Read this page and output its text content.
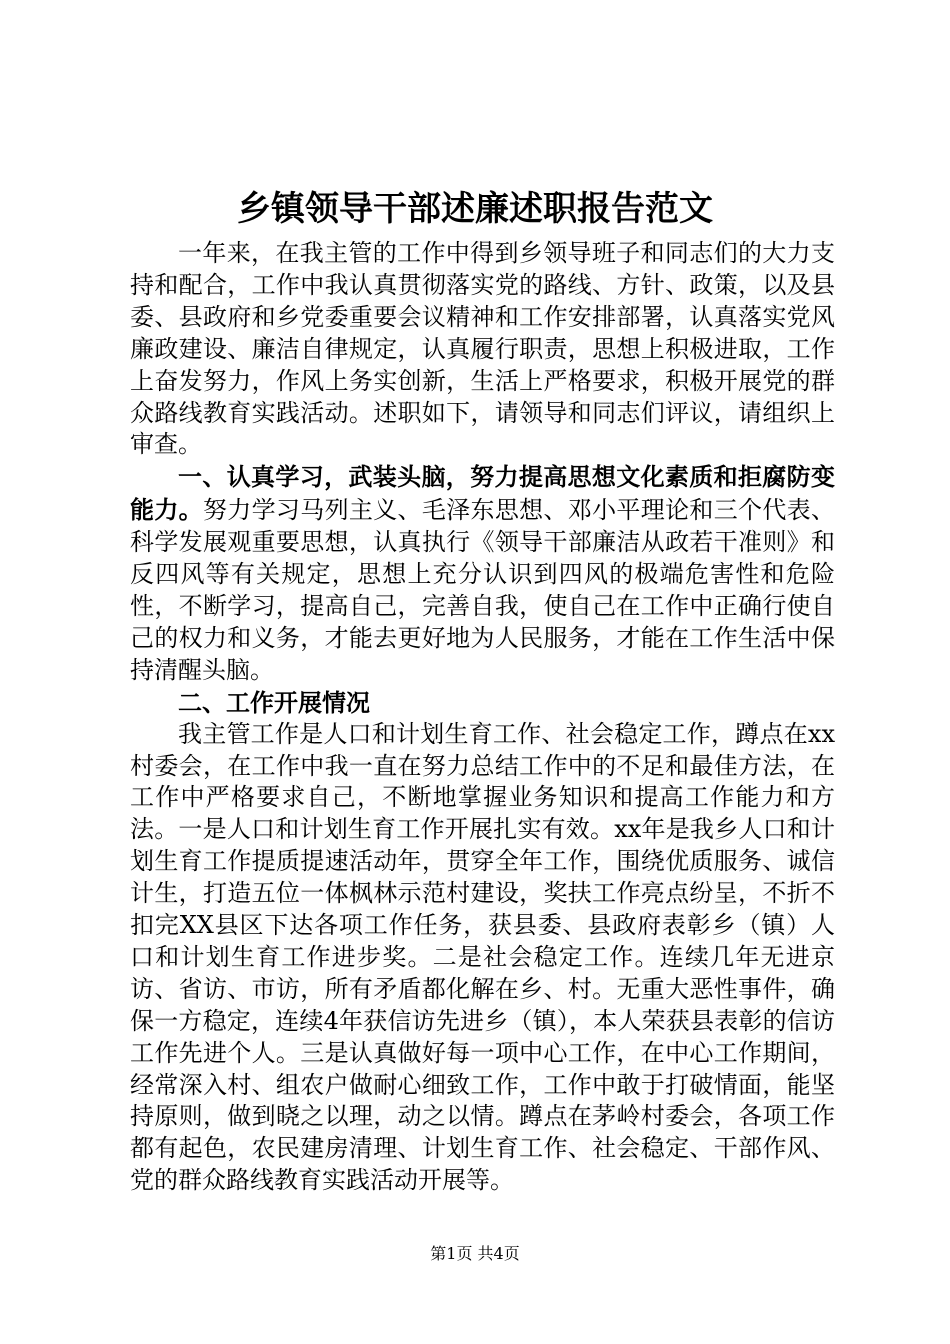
乡镇领导干部述廉述职报告范文

一年来，在我主管的工作中得到乡领导班子和同志们的大力支持和配合，工作中我认真贯彻落实党的路线、方针、政策，以及县委、县政府和乡党委重要会议精神和工作安排部署，认真落实党风廉政建设、廉洁自律规定，认真履行职责，思想上积极进取，工作上奋发努力，作风上务实创新，生活上严格要求，积极开展党的群众路线教育实践活动。述职如下，请领导和同志们评议，请组织上审查。

一、认真学习，武装头脑，努力提高思想文化素质和拒腐防变能力。努力学习马列主义、毛泽东思想、邓小平理论和三个代表、科学发展观重要思想，认真执行《领导干部廉洁从政若干准则》和反四风等有关规定，思想上充分认识到四风的极端危害性和危险性，不断学习，提高自己，完善自我，使自己在工作中正确行使自己的权力和义务，才能去更好地为人民服务，才能在工作生活中保持清醒头脑。

二、工作开展情况

我主管工作是人口和计划生育工作、社会稳定工作，蹲点在xx村委会，在工作中我一直在努力总结工作中的不足和最佳方法，在工作中严格要求自己，不断地掌握业务知识和提高工作能力和方法。一是人口和计划生育工作开展扎实有效。xx年是我乡人口和计划生育工作提质提速活动年，贯穿全年工作，围绕优质服务、诚信计生，打造五位一体枫林示范村建设，奖扶工作亮点纷呈，不折不扣完XX县区下达各项工作任务，获县委、县政府表彰乡（镇）人口和计划生育工作进步奖。二是社会稳定工作。连续几年无进京访、省访、市访，所有矛盾都化解在乡、村。无重大恶性事件，确保一方稳定，连续4年获信访先进乡（镇），本人荣获县表彰的信访工作先进个人。三是认真做好每一项中心工作，在中心工作期间，经常深入村、组农户做耐心细致工作，工作中敢于打破情面，能坚持原则，做到晓之以理，动之以情。蹲点在茅岭村委会，各项工作都有起色，农民建房清理、计划生育工作、社会稳定、干部作风、党的群众路线教育实践活动开展等。

第1页 共4页
